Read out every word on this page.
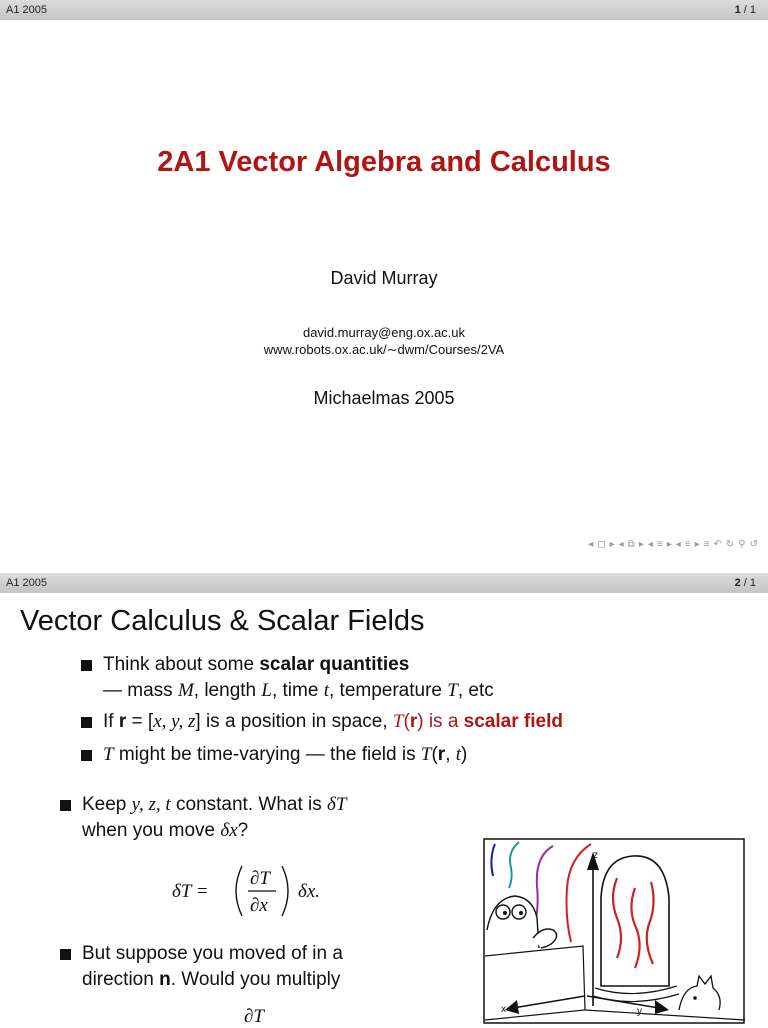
A1 2005	1 / 1
2A1 Vector Algebra and Calculus
David Murray
david.murray@eng.ox.ac.uk
www.robots.ox.ac.uk/∼dwm/Courses/2VA
Michaelmas 2005
◂ ◻ ▸ ◂ ⧉ ▸ ◂ ≡ ▸ ◂ ≡ ▸ ≡ ↶ ↻ ⚲ ↺
A1 2005	2 / 1
Vector Calculus & Scalar Fields
Think about some scalar quantities
— mass M, length L, time t, temperature T, etc
If r = [x, y, z] is a position in space, T(r) is a scalar field
T might be time-varying — the field is T(r, t)
Keep y, z, t constant. What is δT
when you move δx?
δT =
∂T
∂x
δx.
But suppose you moved of in a
direction n. Would you multiply
∂T
z
x	y
